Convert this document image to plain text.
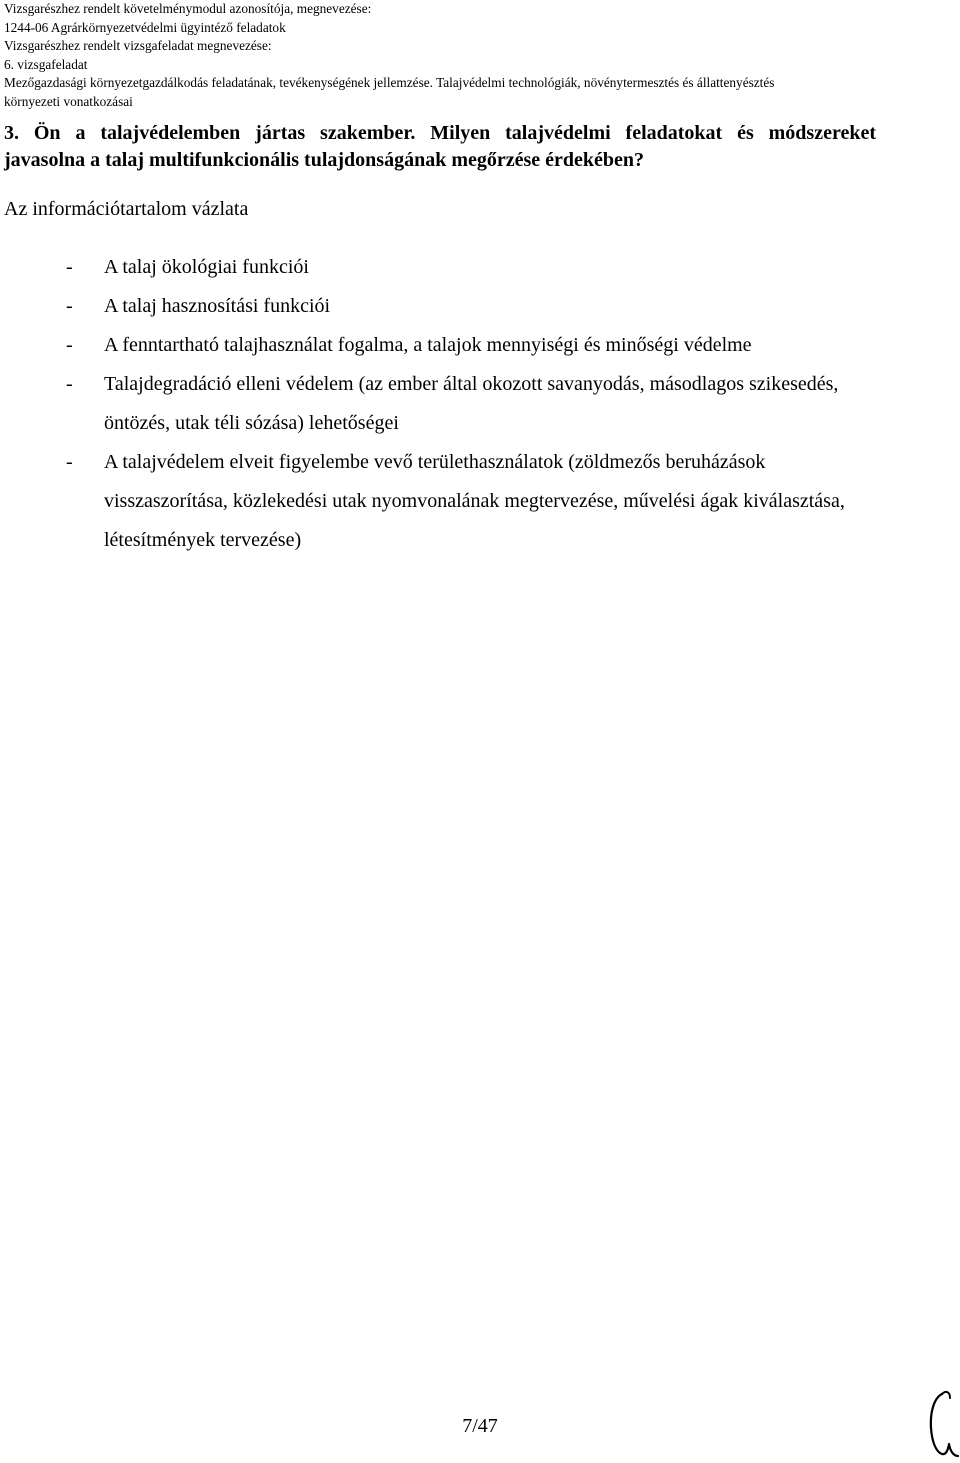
Vizsgarészhez rendelt követelménymodul azonosítója, megnevezése:
1244-06 Agrárkörnyezetvédelmi ügyintéző feladatok
Vizsgarészhez rendelt vizsgafeladat megnevezése:
6. vizsgafeladat
Mezőgazdasági környezetgazdálkodás feladatának, tevékenységének jellemzése. Talajvédelmi technológiák, növénytermesztés és állattenyésztés
környezeti vonatkozásai
3. Ön a talajvédelemben jártas szakember. Milyen talajvédelmi feladatokat és módszereket
javasolna a talaj multifunkcionális tulajdonságának megőrzése érdekében?
Az információtartalom vázlata
- A talaj ökológiai funkciói
- A talaj hasznosítási funkciói
- A fenntartható talajhasználat fogalma, a talajok mennyiségi és minőségi védelme
- Talajdegradáció elleni védelem (az ember által okozott savanyodás, másodlagos szikesedés, öntözés, utak téli sózása) lehetőségei
- A talajvédelem elveit figyelembe vevő területhasználatok (zöldmezős beruházások visszaszorítása, közlekedési utak nyomvonalának megtervezése, művelési ágak kiválasztása, létesítmények tervezése)
7/47
